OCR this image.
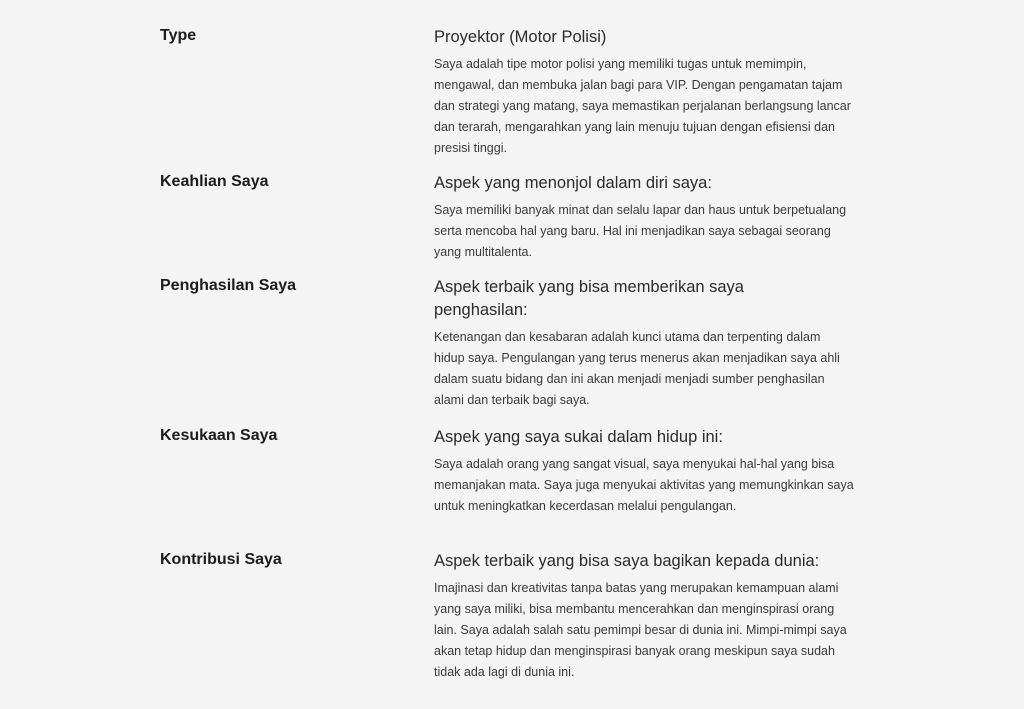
Type	Proyektor (Motor Polisi)

Saya adalah tipe motor polisi yang memiliki tugas untuk memimpin, mengawal, dan membuka jalan bagi para VIP. Dengan pengamatan tajam dan strategi yang matang, saya memastikan perjalanan berlangsung lancar dan terarah, mengarahkan yang lain menuju tujuan dengan efisiensi dan presisi tinggi.

Keahlian Saya	Aspek yang menonjol dalam diri saya:

Saya memiliki banyak minat dan selalu lapar dan haus untuk berpetualang serta mencoba hal yang baru. Hal ini menjadikan saya sebagai seorang yang multitalenta.

Penghasilan Saya	Aspek terbaik yang bisa memberikan saya penghasilan:

Ketenangan dan kesabaran adalah kunci utama dan terpenting dalam hidup saya. Pengulangan yang terus menerus akan menjadikan saya ahli dalam suatu bidang dan ini akan menjadi menjadi sumber penghasilan alami dan terbaik bagi saya.

Kesukaan Saya	Aspek yang saya sukai dalam hidup ini:

Saya adalah orang yang sangat visual, saya menyukai hal-hal yang bisa memanjakan mata. Saya juga menyukai aktivitas yang memungkinkan saya untuk meningkatkan kecerdasan melalui pengulangan.

Kontribusi Saya	Aspek terbaik yang bisa saya bagikan kepada dunia:

Imajinasi dan kreativitas tanpa batas yang merupakan kemampuan alami yang saya miliki, bisa membantu mencerahkan dan menginspirasi orang lain. Saya adalah salah satu pemimpi besar di dunia ini. Mimpi-mimpi saya akan tetap hidup dan menginspirasi banyak orang meskipun saya sudah tidak ada lagi di dunia ini.
